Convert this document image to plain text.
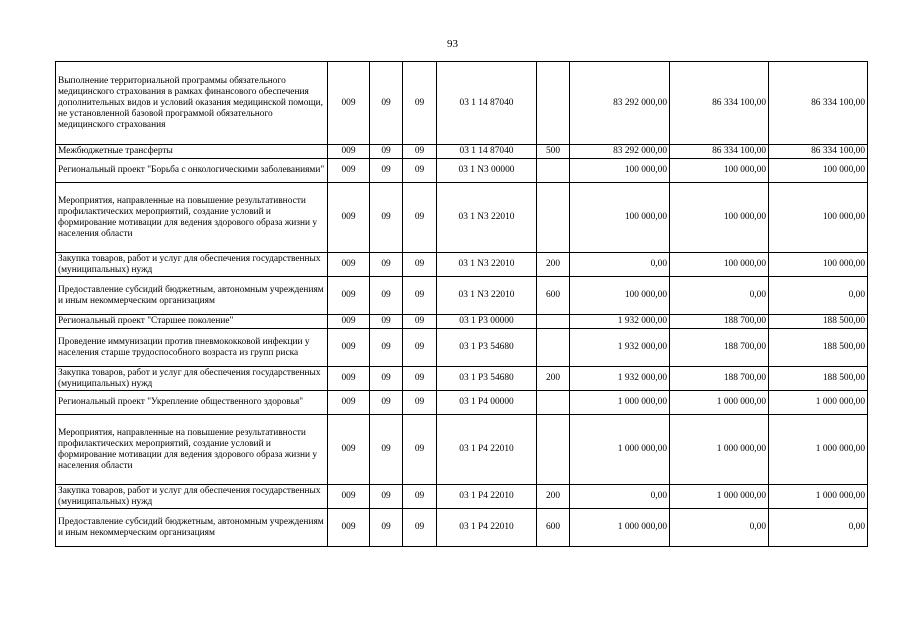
93
Выполнение территориальной программы обязательного медицинского страхования в рамках финансового обеспечения дополнительных видов и условий оказания медицинской помощи, не установленной базовой программой обязательного медицинского страхования	009	09	09	03 1 14 87040		83 292 000,00	86 334 100,00	86 334 100,00
Межбюджетные трансферты	009	09	09	03 1 14 87040	500	83 292 000,00	86 334 100,00	86 334 100,00
Региональный проект "Борьба с онкологическими заболеваниями"	009	09	09	03 1 N3 00000		100 000,00	100 000,00	100 000,00
Мероприятия, направленные на повышение результативности профилактических мероприятий, создание условий и формирование мотивации для ведения здорового образа жизни у населения области	009	09	09	03 1 N3 22010		100 000,00	100 000,00	100 000,00
Закупка товаров, работ и услуг для обеспечения государственных (муниципальных) нужд	009	09	09	03 1 N3 22010	200	0,00	100 000,00	100 000,00
Предоставление субсидий бюджетным, автономным учреждениям и иным некоммерческим организациям	009	09	09	03 1 N3 22010	600	100 000,00	0,00	0,00
Региональный проект "Старшее поколение"	009	09	09	03 1 P3 00000		1 932 000,00	188 700,00	188 500,00
Проведение иммунизации против пневмококковой инфекции у населения старше трудоспособного возраста из групп риска	009	09	09	03 1 P3 54680		1 932 000,00	188 700,00	188 500,00
Закупка товаров, работ и услуг для обеспечения государственных (муниципальных) нужд	009	09	09	03 1 P3 54680	200	1 932 000,00	188 700,00	188 500,00
Региональный проект "Укрепление общественного здоровья"	009	09	09	03 1 P4 00000		1 000 000,00	1 000 000,00	1 000 000,00
Мероприятия, направленные на повышение результативности профилактических мероприятий, создание условий и формирование мотивации для ведения здорового образа жизни у населения области	009	09	09	03 1 P4 22010		1 000 000,00	1 000 000,00	1 000 000,00
Закупка товаров, работ и услуг для обеспечения государственных (муниципальных) нужд	009	09	09	03 1 P4 22010	200	0,00	1 000 000,00	1 000 000,00
Предоставление субсидий бюджетным, автономным учреждениям и иным некоммерческим организациям	009	09	09	03 1 P4 22010	600	1 000 000,00	0,00	0,00
